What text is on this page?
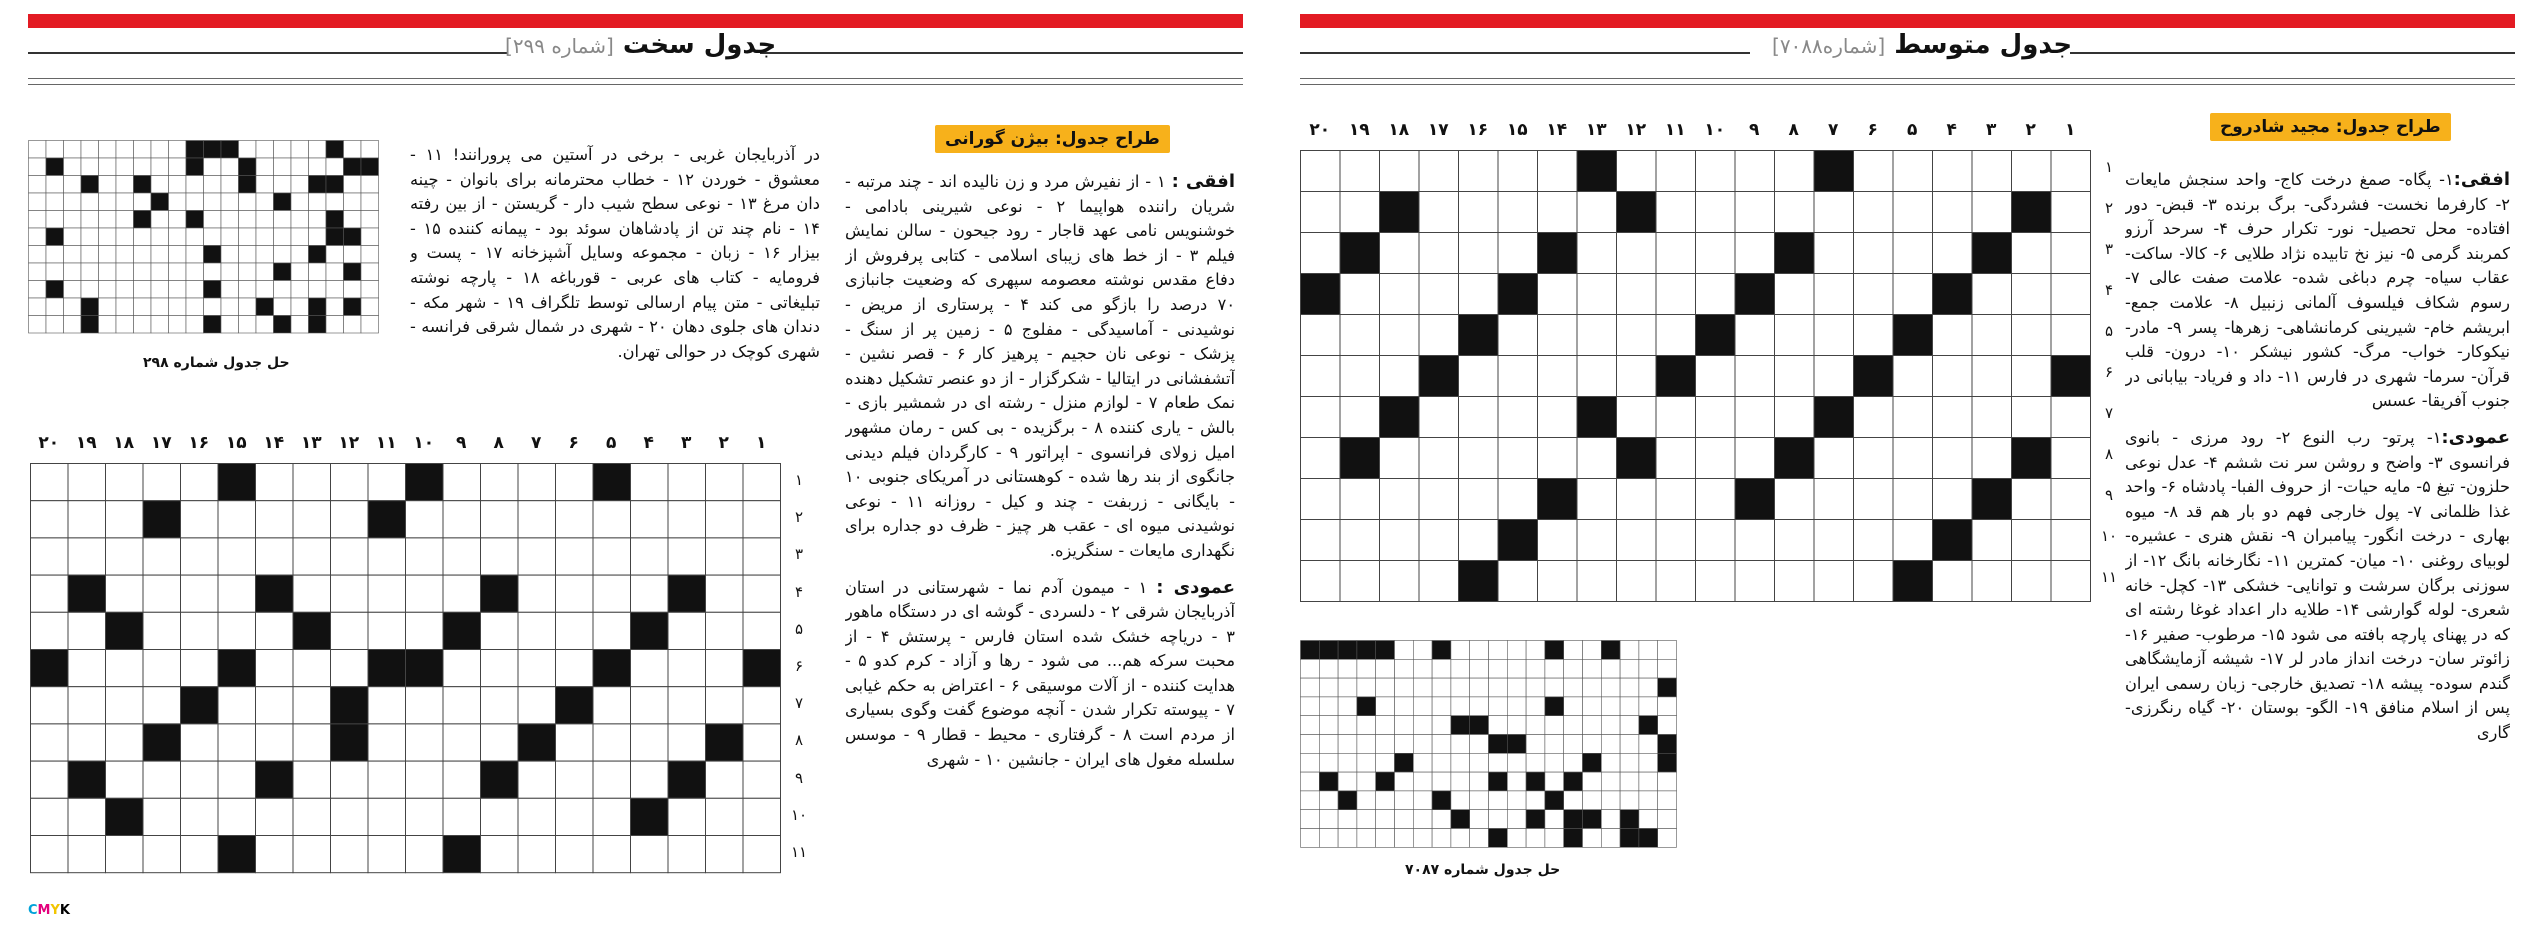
جدول سخت [شماره ۲۹۹]
طراح جدول: بیژن گورانی

افقی : ۱ - از نفیرش مرد و زن نالیده اند - چند مرتبه - شریان راننده هواپیما ۲ - نوعی شیرینی بادامی - خوشنویس نامی عهد قاجار - رود جیحون - سالن نمایش فیلم ۳ - از خط های زیبای اسلامی - کتابی پرفروش از دفاع مقدس نوشته معصومه سپهری که وضعیت جانبازی ۷۰ درصد را بازگو می کند ۴ - پرستاری از مریض - نوشیدنی - آماسیدگی - مفلوج ۵ - زمین پر از سنگ - پزشک - نوعی نان حجیم - پرهیز کار ۶ - قصر نشین - آتشفشانی در ایتالیا - شکرگزار - از دو عنصر تشکیل دهنده نمک طعام ۷ - لوازم منزل - رشته ای در شمشیر بازی - بالش - یاری کننده ۸ - برگزیده - بی کس - رمان مشهور امیل زولای فرانسوی - اپراتور ۹ - کارگردان فیلم دیدنی جانگوی از بند رها شده - کوهستانی در آمریکای جنوبی ۱۰ - بایگانی - زربفت - چند و کیل - روزانه ۱۱ - نوعی نوشیدنی میوه ای - عقب هر چیز - ظرف دو جداره برای نگهداری مایعات - سنگریزه.

عمودی : ۱ - میمون آدم نما - شهرستانی در استان آذربایجان شرقی ۲ - دلسردی - گوشه ای در دستگاه ماهور ۳ - دریاچه خشک شده استان فارس - پرستش ۴ - از محبت سرکه هم... می شود - رها و آزاد - کرم کدو ۵ - هدایت کننده - از آلات موسیقی ۶ - اعتراض به حکم غیابی ۷ - پیوسته تکرار شدن - آنچه موضوع گفت وگوی بسیاری از مردم است ۸ - گرفتاری - محیط - قطار ۹ - موسس سلسله مغول های ایران - جانشین ۱۰ - شهری

در آذربایجان غربی - برخی در آستین می پرورانند! ۱۱ - معشوق - خوردن ۱۲ - خطاب محترمانه برای بانوان - چینه دان مرغ ۱۳ - نوعی سطح شیب دار - گریستن - از بین رفته ۱۴ - نام چند تن از پادشاهان سوئد بود - پیمانه کننده ۱۵ - بیزار ۱۶ - زبان - مجموعه وسایل آشپزخانه ۱۷ - پست و فرومایه - کتاب های عربی - قورباغه ۱۸ - پارچه نوشته تبلیغاتی - متن پیام ارسالی توسط تلگراف ۱۹ - شهر مکه - دندان های جلوی دهان ۲۰ - شهری در شمال شرقی فرانسه - شهری کوچک در حوالی تهران.
حل جدول شماره ۲۹۸
۱
۲
۳
۴
۵
۶
۷
۸
۹
۱۰
۱۱
۱۲
۱۳
۱۴
۱۵
۱۶
۱۷
۱۸
۱۹
۲۰
۱
۲
۳
۴
۵
۶
۷
۸
۹
۱۰
۱۱
CMYK
جدول متوسط [شماره۷۰۸۸]
طراح جدول: مجید شادروح

افقی:۱- پگاه- صمغ درخت کاج- واحد سنجش مایعات ۲- کارفرما نخست- فشردگی- برگ برنده ۳- قبض- دور افتاده- محل تحصیل- نور- تکرار حرف ۴- سرحد آرزو کمربند گرمی ۵- نیز نخ تابیده نژاد طلایی ۶- کالا- ساکت- عقاب سیاه- چرم دباغی شده- علامت صفت عالی ۷- رسوم شکاف فیلسوف آلمانی زنبیل ۸- علامت جمع- ابریشم خام- شیرینی کرمانشاهی- زهرها- پسر ۹- مادر- نیکوکار- خواب- مرگ- کشور نیشکر ۱۰- درون- قلب قرآن- سرما- شهری در فارس ۱۱- داد و فریاد- بیابانی در جنوب آفریقا- عسس

عمودی:۱- پرتو- رب النوع ۲- رود مرزی - بانوی فرانسوی ۳- واضح و روشن سر نت ششم ۴- عدل نوعی حلزون- تیغ ۵- مایه حیات- از حروف الفبا- پادشاه ۶- واحد غذا ظلمانی ۷- پول خارجی فهم دو بار هم قد ۸- میوه بهاری - درخت انگور- پیامبران ۹- نقش هنری - عشیره- لوبیای روغنی ۱۰- میان- کمترین ۱۱- نگارخانه بانگ ۱۲- از سوزنی برگان سرشت و توانایی- خشکی ۱۳- کچل- خانه شعری- لوله گوارشی ۱۴- طلایه دار اعداد غوغا رشته ای که در پهنای پارچه بافته می شود ۱۵- مرطوب- صفیر ۱۶- زائوتر سان- درخت انداز مادر لر ۱۷- شیشه آزمایشگاهی گندم سوده- پیشه ۱۸- تصدیق خارجی- زبان رسمی ایران پس از اسلام منافق ۱۹- الگو- بوستان ۲۰- گیاه رنگرزی- گاری

۱
۲
۳
۴
۵
۶
۷
۸
۹
۱۰
۱۱
۱۲
۱۳
۱۴
۱۵
۱۶
۱۷
۱۸
۱۹
۲۰
۱
۲
۳
۴
۵
۶
۷
۸
۹
۱۰
۱۱
حل جدول شماره ۷۰۸۷
